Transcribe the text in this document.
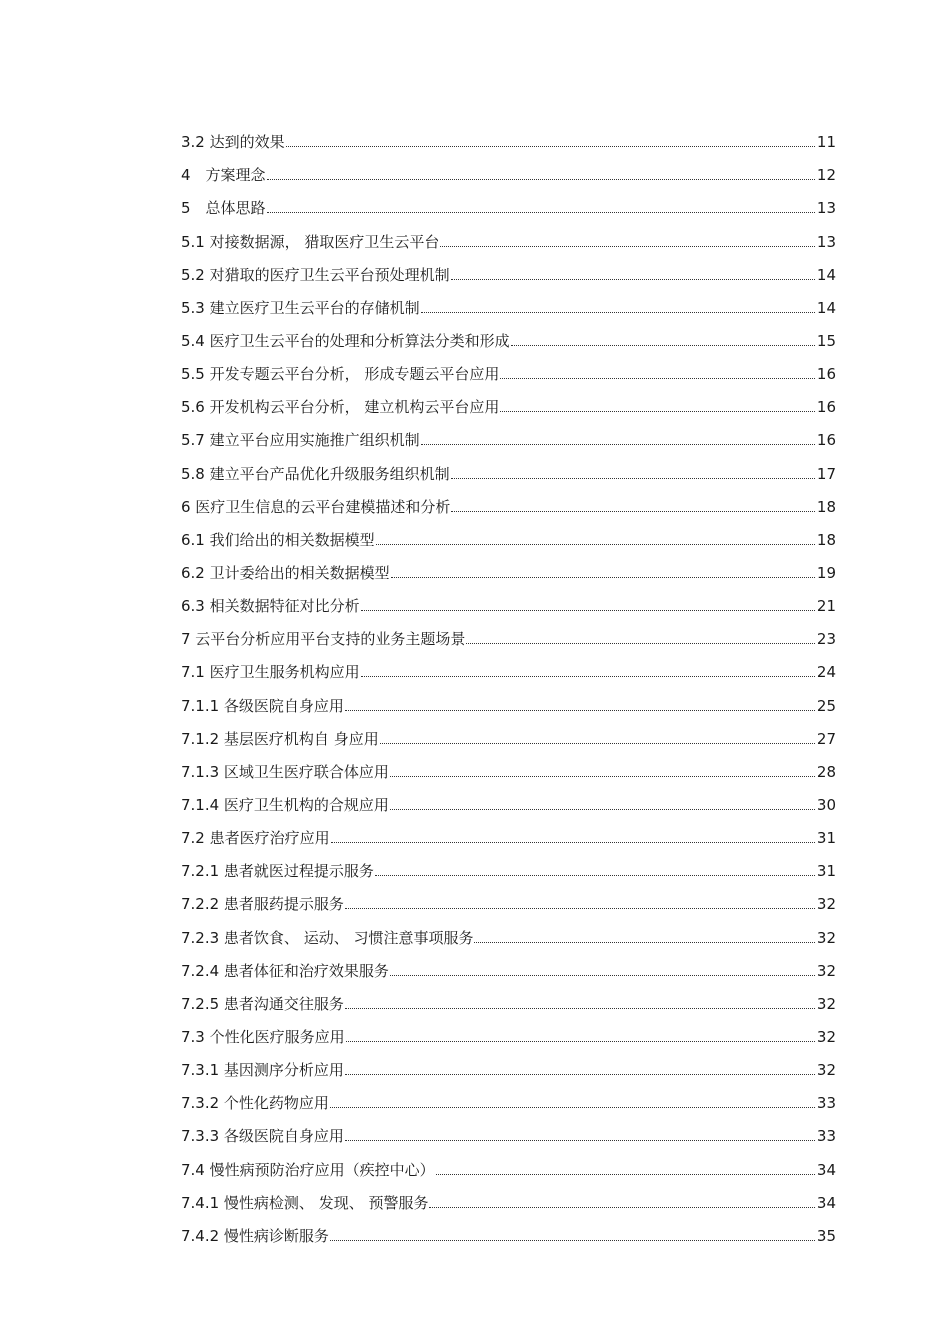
3.2 达到的效果	11
4　方案理念	12
5　总体思路	13
5.1 对接数据源， 猎取医疗卫生云平台	13
5.2 对猎取的医疗卫生云平台预处理机制	14
5.3 建立医疗卫生云平台的存储机制	14
5.4 医疗卫生云平台的处理和分析算法分类和形成	15
5.5 开发专题云平台分析， 形成专题云平台应用	16
5.6 开发机构云平台分析， 建立机构云平台应用	16
5.7 建立平台应用实施推广组织机制	16
5.8 建立平台产品优化升级服务组织机制	17
6 医疗卫生信息的云平台建模描述和分析	18
6.1 我们给出的相关数据模型	18
6.2 卫计委给出的相关数据模型	19
6.3 相关数据特征对比分析	21
7 云平台分析应用平台支持的业务主题场景	23
7.1 医疗卫生服务机构应用	24
7.1.1 各级医院自身应用	25
7.1.2 基层医疗机构自 身应用	27
7.1.3 区域卫生医疗联合体应用	28
7.1.4 医疗卫生机构的合规应用	30
7.2 患者医疗治疗应用	31
7.2.1 患者就医过程提示服务	31
7.2.2 患者服药提示服务	32
7.2.3 患者饮食、 运动、 习惯注意事项服务	32
7.2.4 患者体征和治疗效果服务	32
7.2.5 患者沟通交往服务	32
7.3 个性化医疗服务应用	32
7.3.1 基因测序分析应用	32
7.3.2 个性化药物应用	33
7.3.3 各级医院自身应用	33
7.4 慢性病预防治疗应用（疾控中心）	34
7.4.1 慢性病检测、 发现、 预警服务	34
7.4.2 慢性病诊断服务	35
